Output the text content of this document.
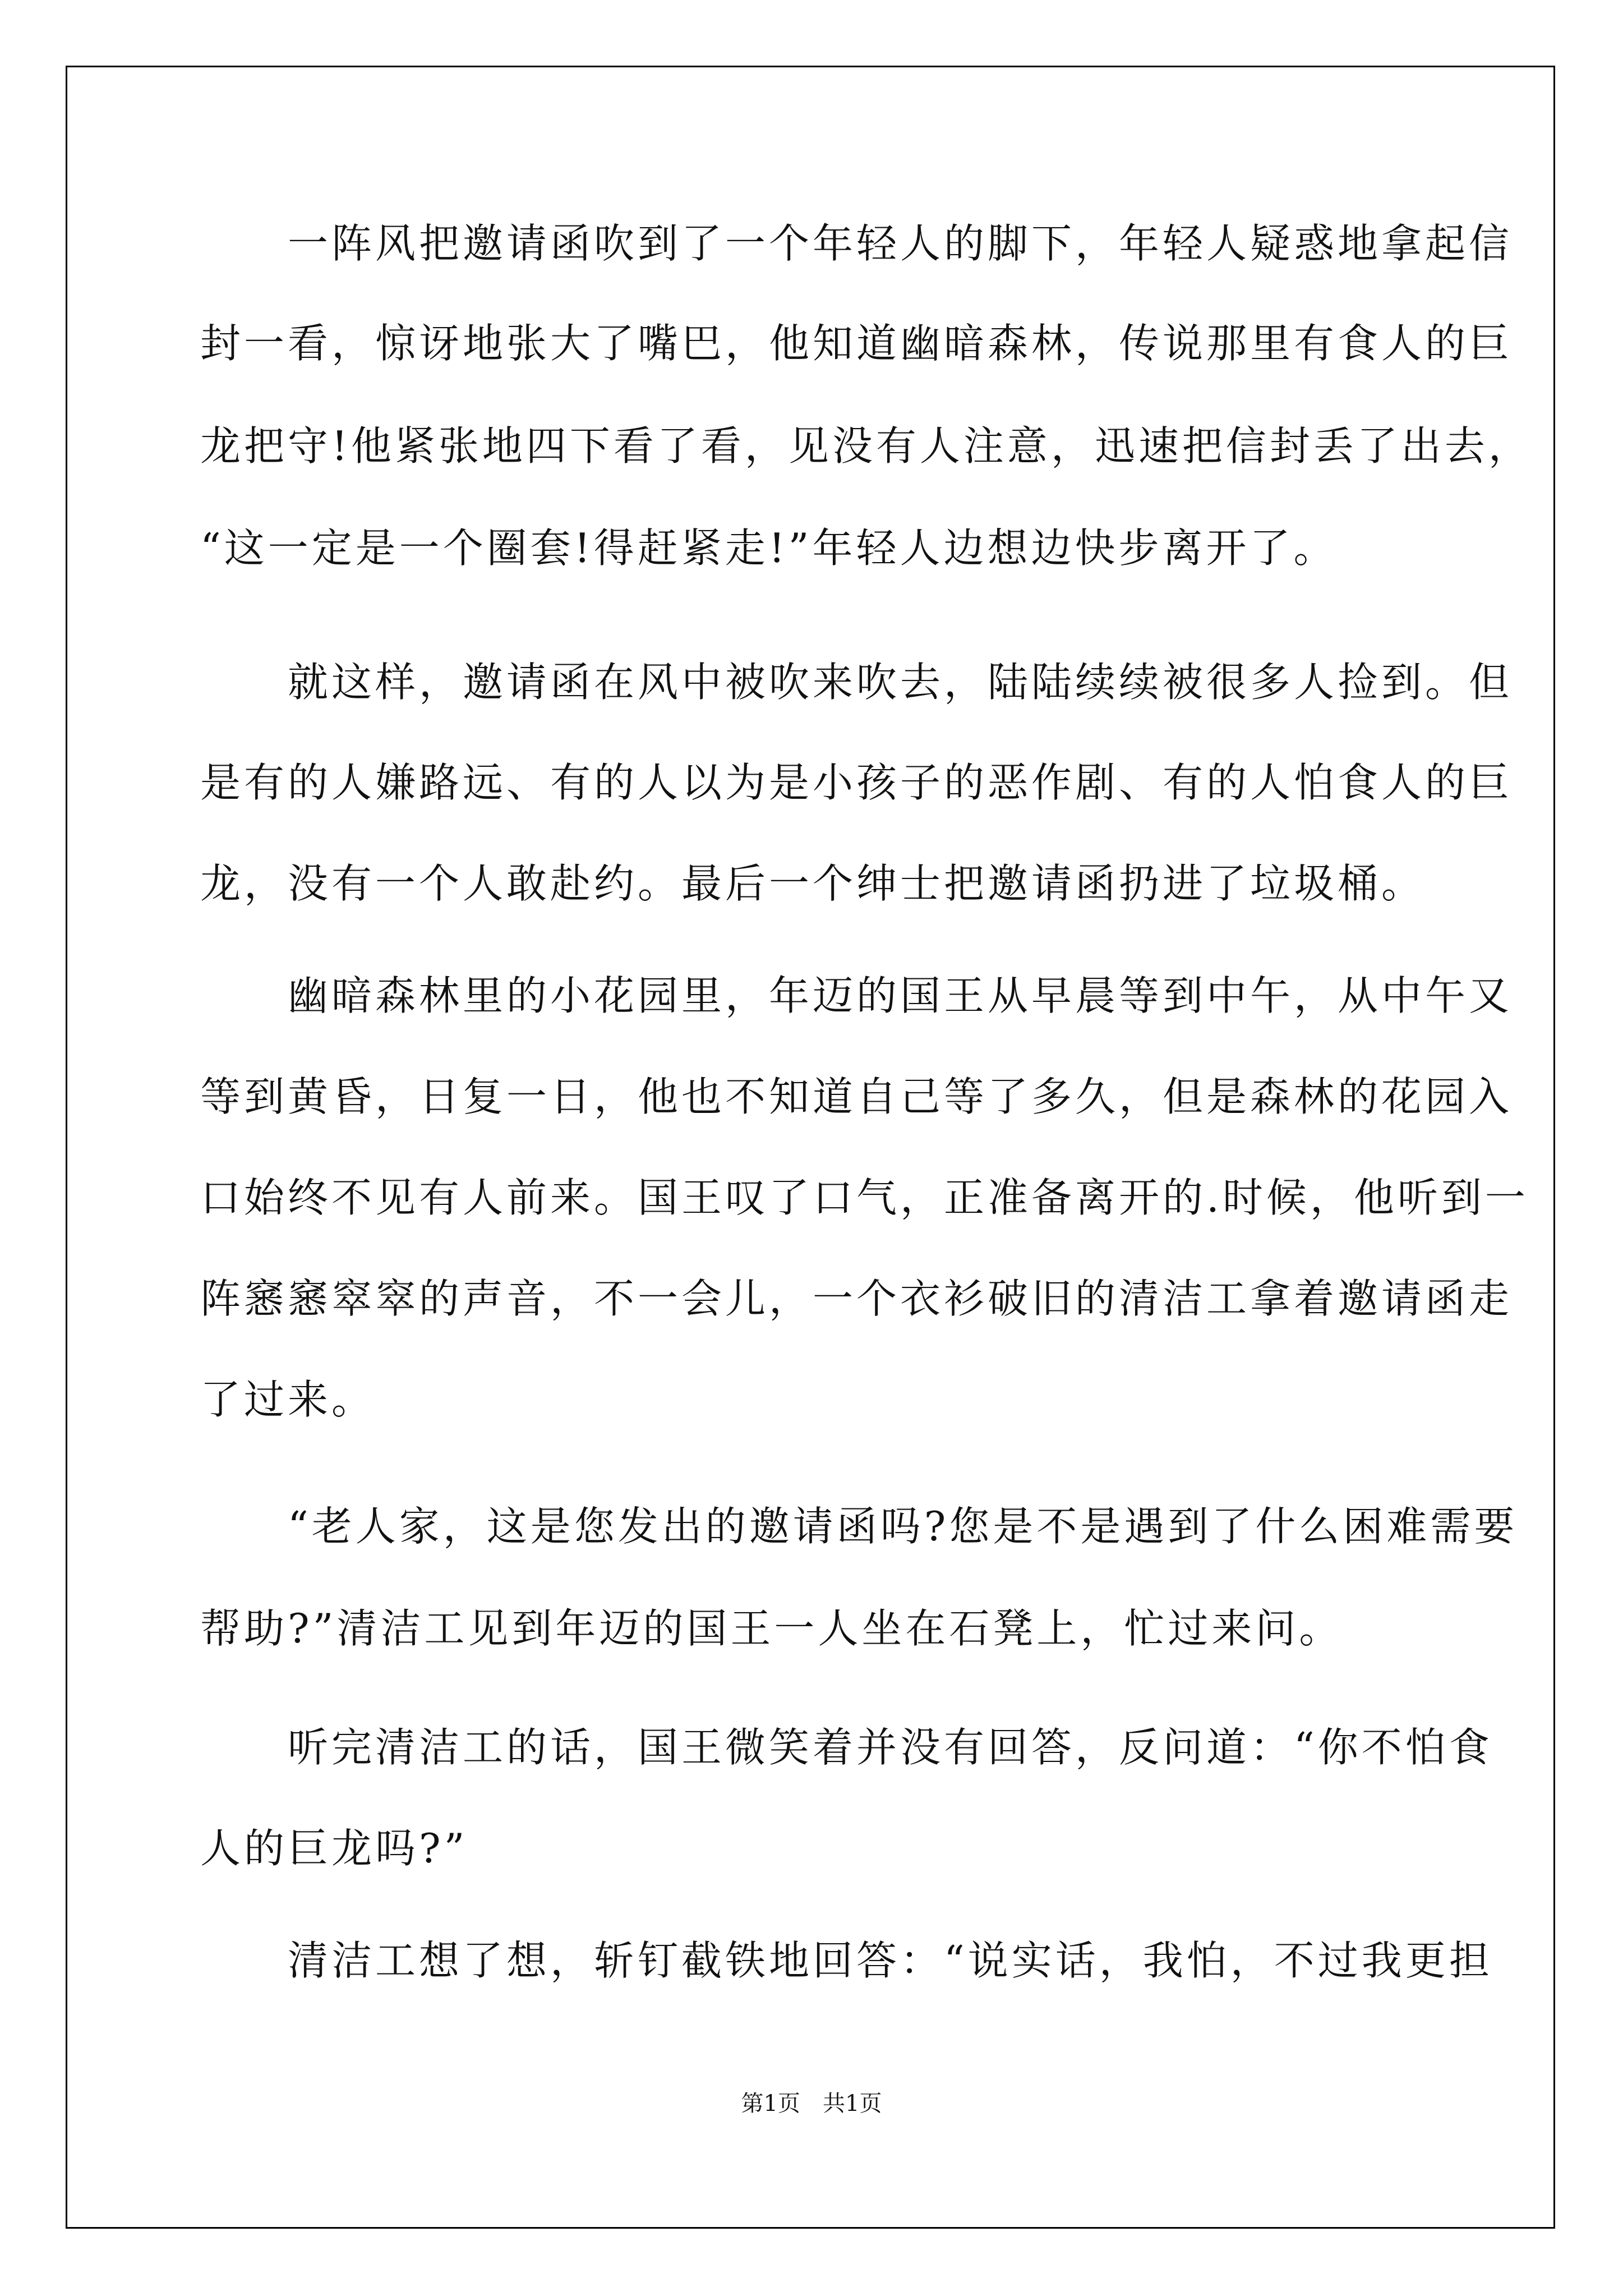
　　一阵风把邀请函吹到了一个年轻人的脚下，年轻人疑惑地拿起信
封一看，惊讶地张大了嘴巴，他知道幽暗森林，传说那里有食人的巨
龙把守!他紧张地四下看了看，见没有人注意，迅速把信封丢了出去，
“这一定是一个圈套!得赶紧走!”年轻人边想边快步离开了。
　　就这样，邀请函在风中被吹来吹去，陆陆续续被很多人捡到。但
是有的人嫌路远、有的人以为是小孩子的恶作剧、有的人怕食人的巨
龙，没有一个人敢赴约。最后一个绅士把邀请函扔进了垃圾桶。
　　幽暗森林里的小花园里，年迈的国王从早晨等到中午，从中午又
等到黄昏，日复一日，他也不知道自己等了多久，但是森林的花园入
口始终不见有人前来。国王叹了口气，正准备离开的.时候，他听到一
阵窸窸窣窣的声音，不一会儿，一个衣衫破旧的清洁工拿着邀请函走
了过来。
　　“老人家，这是您发出的邀请函吗?您是不是遇到了什么困难需要
帮助?”清洁工见到年迈的国王一人坐在石凳上，忙过来问。
　　听完清洁工的话，国王微笑着并没有回答，反问道：“你不怕食
人的巨龙吗?”
　　清洁工想了想，斩钉截铁地回答：“说实话，我怕，不过我更担
第1页 共1页
